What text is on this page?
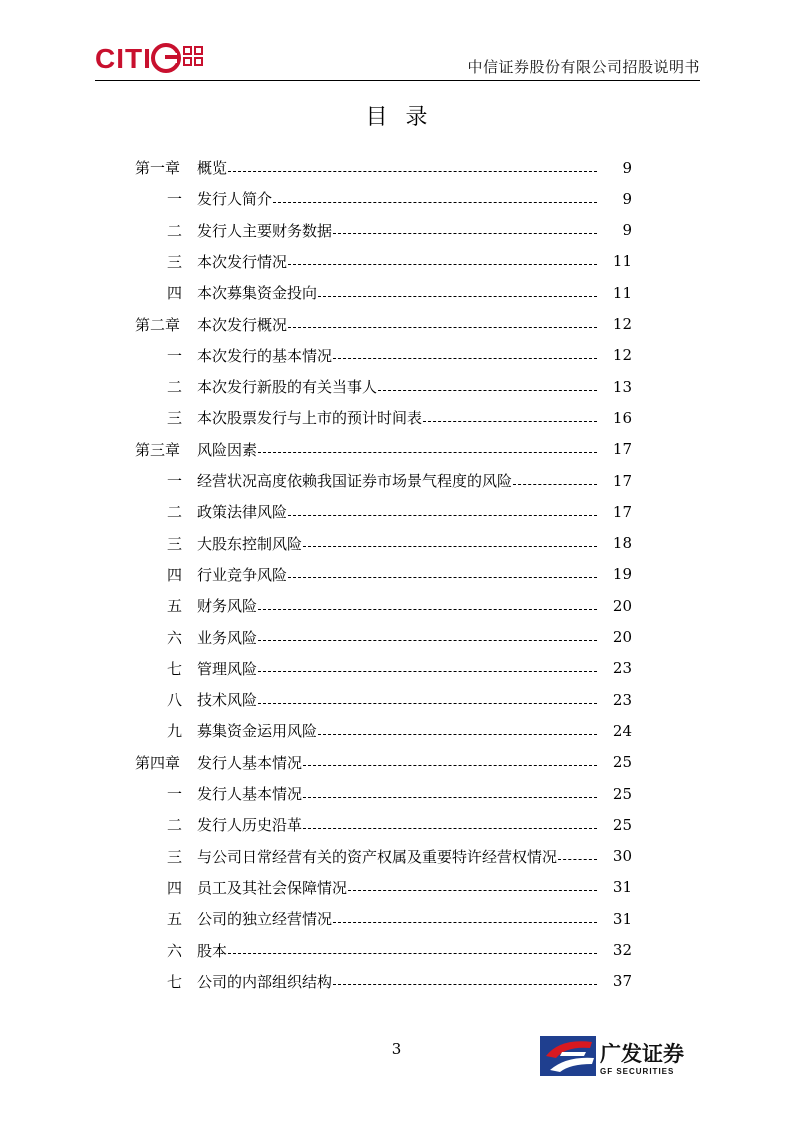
CITI	中信证券股份有限公司招股说明书
目录
第一章	概览	9
一 发行人简介	9
二 发行人主要财务数据	9
三 本次发行情况	11
四 本次募集资金投向	11
第二章	本次发行概况	12
一 本次发行的基本情况	12
二 本次发行新股的有关当事人	13
三 本次股票发行与上市的预计时间表	16
第三章	风险因素	17
一 经营状况高度依赖我国证券市场景气程度的风险	17
二 政策法律风险	17
三 大股东控制风险	18
四 行业竞争风险	19
五 财务风险	20
六 业务风险	20
七 管理风险	23
八 技术风险	23
九 募集资金运用风险	24
第四章	发行人基本情况	25
一 发行人基本情况	25
二 发行人历史沿革	25
三 与公司日常经营有关的资产权属及重要特许经营权情况	30
四 员工及其社会保障情况	31
五 公司的独立经营情况	31
六 股本	32
七 公司的内部组织结构	37
3	广发证券
GF SECURITIES
